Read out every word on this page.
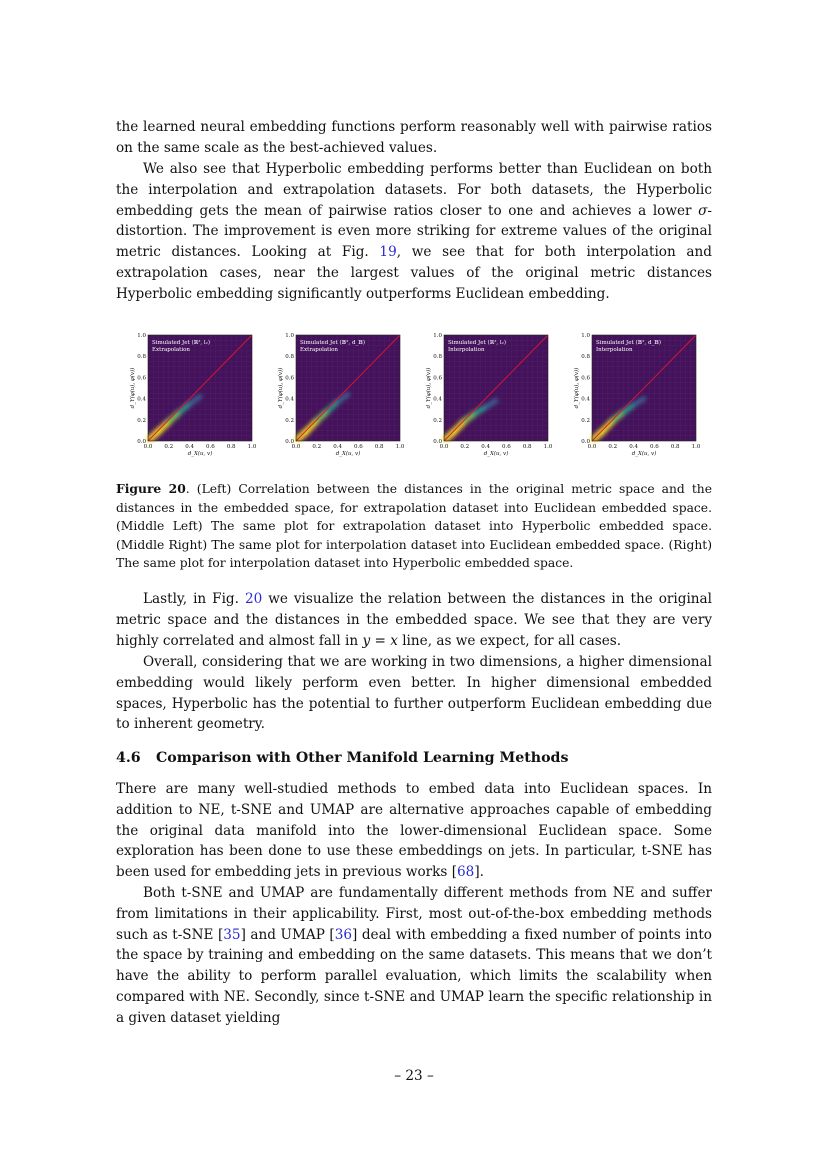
the learned neural embedding functions perform reasonably well with pairwise ratios on the same scale as the best-achieved values.

We also see that Hyperbolic embedding performs better than Euclidean on both the interpolation and extrapolation datasets. For both datasets, the Hyperbolic embedding gets the mean of pairwise ratios closer to one and achieves a lower σ-distortion. The improvement is even more striking for extreme values of the original metric distances. Looking at Fig. 19, we see that for both interpolation and extrapolation cases, near the largest values of the original metric distances Hyperbolic embedding significantly outperforms Euclidean embedding.

0.0 0.2 0.4 0.6 0.8 1.0
0.0
0.2
0.4
0.6
0.8
1.0
d_X(u, v)
d_Y(φ(u), φ(v))
Simulated Jet (ℝ², l₂)
Extrapolation
0.0 0.2 0.4 0.6 0.8 1.0
0.0
0.2
0.4
0.6
0.8
1.0
d_X(u, v)
d_Y(φ(u), φ(v))
Simulated Jet (𝔹², d_𝔹)
Extrapolation
0.0 0.2 0.4 0.6 0.8 1.0
0.0
0.2
0.4
0.6
0.8
1.0
d_X(u, v)
d_Y(φ(u), φ(v))
Simulated Jet (ℝ², l₂)
Interpolation
0.0 0.2 0.4 0.6 0.8 1.0
0.0
0.2
0.4
0.6
0.8
1.0
d_X(u, v)
d_Y(φ(u), φ(v))
Simulated Jet (𝔹², d_𝔹)
Interpolation

Figure 20. (Left) Correlation between the distances in the original metric space and the distances in the embedded space, for extrapolation dataset into Euclidean embedded space. (Middle Left) The same plot for extrapolation dataset into Hyperbolic embedded space. (Middle Right) The same plot for interpolation dataset into Euclidean embedded space. (Right) The same plot for interpolation dataset into Hyperbolic embedded space.

Lastly, in Fig. 20 we visualize the relation between the distances in the original metric space and the distances in the embedded space. We see that they are very highly correlated and almost fall in y = x line, as we expect, for all cases.

Overall, considering that we are working in two dimensions, a higher dimensional embedding would likely perform even better. In higher dimensional embedded spaces, Hyperbolic has the potential to further outperform Euclidean embedding due to inherent geometry.

4.6 Comparison with Other Manifold Learning Methods

There are many well-studied methods to embed data into Euclidean spaces. In addition to NE, t-SNE and UMAP are alternative approaches capable of embedding the original data manifold into the lower-dimensional Euclidean space. Some exploration has been done to use these embeddings on jets. In particular, t-SNE has been used for embedding jets in previous works [68].

Both t-SNE and UMAP are fundamentally different methods from NE and suffer from limitations in their applicability. First, most out-of-the-box embedding methods such as t-SNE [35] and UMAP [36] deal with embedding a fixed number of points into the space by training and embedding on the same datasets. This means that we don’t have the ability to perform parallel evaluation, which limits the scalability when compared with NE. Secondly, since t-SNE and UMAP learn the specific relationship in a given dataset yielding

– 23 –
